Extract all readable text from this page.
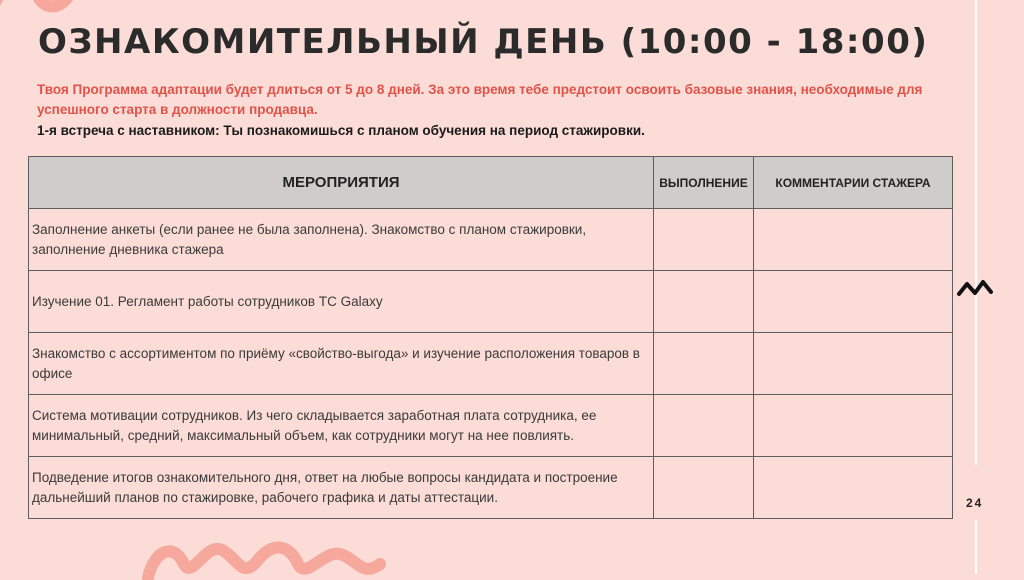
ОЗНАКОМИТЕЛЬНЫЙ ДЕНЬ (10:00 - 18:00)
Твоя Программа адаптации будет длиться от 5 до 8 дней. За это время тебе предстоит освоить базовые знания, необходимые для успешного старта в должности продавца.
1-я встреча с наставником: Ты познакомишься с планом обучения на период стажировки.
МЕРОПРИЯТИЯ	ВЫПОЛНЕНИЕ	КОММЕНТАРИИ СТАЖЕРА
Заполнение анкеты (если ранее не была заполнена). Знакомство с планом стажировки, заполнение дневника стажера		
Изучение 01. Регламент работы сотрудников ТС Galaxy		
Знакомство с ассортиментом по приёму «свойство-выгода» и изучение расположения товаров в офисе		
Система мотивации сотрудников. Из чего складывается заработная плата сотрудника, ее минимальный, средний, максимальный объем, как сотрудники могут на нее повлиять.		
Подведение итогов ознакомительного дня, ответ на любые вопросы кандидата и построение дальнейший планов по стажировке, рабочего графика и даты аттестации.			24
